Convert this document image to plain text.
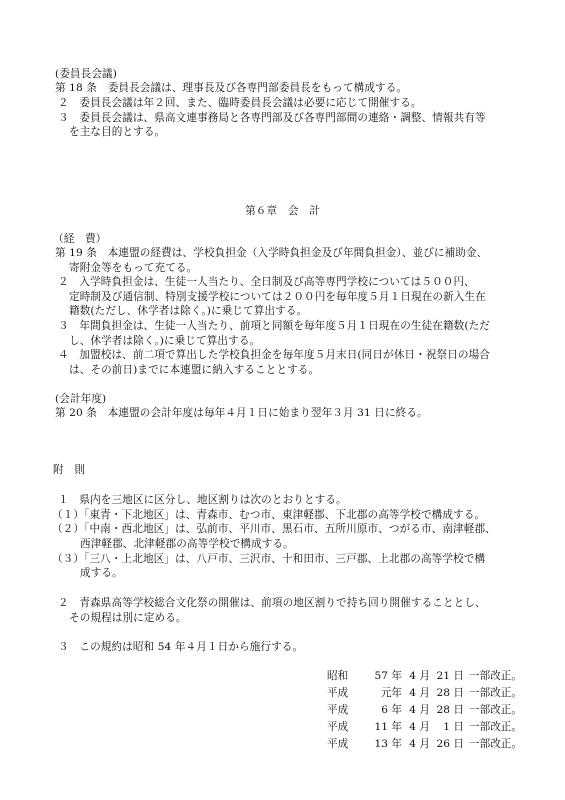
(委員長会議)
第 18 条　委員長会議は、理事長及び各専門部委員長をもって構成する。
２　委員長会議は年２回、また、臨時委員長会議は必要に応じて開催する。
３　委員長会議は、県高文連事務局と各専門部及び各専門部間の連絡・調整、情報共有等
を主な目的とする。
第６章　会　計
（経　費）
第 19 条　本連盟の経費は、学校負担金（入学時負担金及び年間負担金）、並びに補助金、
寄附金等をもって充てる。
２　入学時負担金は、生徒一人当たり、全日制及び高等専門学校については５００円、
定時制及び通信制、特別支援学校については２００円を毎年度５月１日現在の新入生在
籍数(ただし、休学者は除く。)に乗じて算出する。
３　年間負担金は、生徒一人当たり、前項と同額を毎年度５月１日現在の生徒在籍数(ただ
し、休学者は除く。)に乗じて算出する。
４　加盟校は、前二項で算出した学校負担金を毎年度５月末日(同日が休日・祝祭日の場合
は、その前日)までに本連盟に納入することとする。
(会計年度)
第 20 条　本連盟の会計年度は毎年４月１日に始まり翌年３月 31 日に終る。
附　則
１　県内を三地区に区分し、地区割りは次のとおりとする。
（１）「東青・下北地区」は、青森市、むつ市、東津軽郡、下北郡の高等学校で構成する。
（２）「中南・西北地区」は、弘前市、平川市、黒石市、五所川原市、つがる市、南津軽郡、
西津軽郡、北津軽郡の高等学校で構成する。
（３）「三八・上北地区」は、八戸市、三沢市、十和田市、三戸郡、上北郡の高等学校で構
成する。
２　青森県高等学校総合文化祭の開催は、前項の地区割りで持ち回り開催することとし、
その規程は別に定める。
３　この規約は昭和 54 年４月１日から施行する。
昭和 57 年 4 月 21 日 一部改正。
平成	元年 4 月 28 日 一部改正。
平成	6 年 4 月 28 日 一部改正。
平成 11 年 4 月 1 日 一部改正。
平成 13 年 4 月 26 日 一部改正。
